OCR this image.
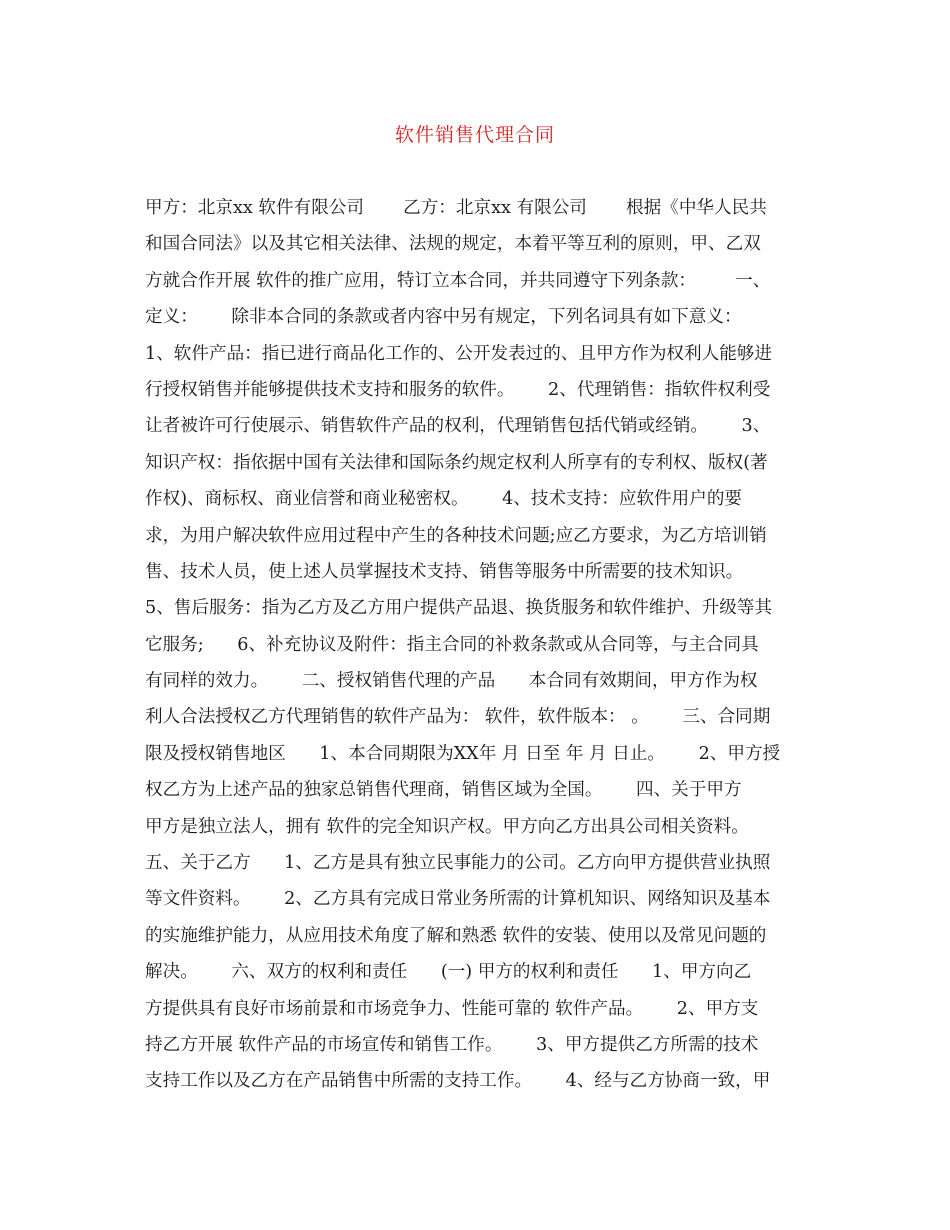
软件销售代理合同
甲方：北京xx 软件有限公司       乙方：北京xx 有限公司       根据《中华人民共
和国合同法》以及其它相关法律、法规的规定，本着平等互利的原则，甲、乙双
方就合作开展 软件的推广应用，特订立本合同，并共同遵守下列条款：       一、
定义：      除非本合同的条款或者内容中另有规定，下列名词具有如下意义：
1、软件产品：指已进行商品化工作的、公开发表过的、且甲方作为权利人能够进
行授权销售并能够提供技术支持和服务的软件。      2、代理销售：指软件权利受
让者被许可行使展示、销售软件产品的权利，代理销售包括代销或经销。      3、
知识产权：指依据中国有关法律和国际条约规定权利人所享有的专利权、版权(著
作权)、商标权、商业信誉和商业秘密权。      4、技术支持：应软件用户的要
求，为用户解决软件应用过程中产生的各种技术问题;应乙方要求，为乙方培训销
售、技术人员，使上述人员掌握技术支持、销售等服务中所需要的技术知识。
5、售后服务：指为乙方及乙方用户提供产品退、换货服务和软件维护、升级等其
它服务;      6、补充协议及附件：指主合同的补救条款或从合同等，与主合同具
有同样的效力。      二、授权销售代理的产品      本合同有效期间，甲方作为权
利人合法授权乙方代理销售的软件产品为： 软件，软件版本： 。      三、合同期
限及授权销售地区      1、本合同期限为XX年 月 日至 年 月 日止。      2、甲方授
权乙方为上述产品的独家总销售代理商，销售区域为全国。      四、关于甲方
甲方是独立法人，拥有 软件的完全知识产权。甲方向乙方出具公司相关资料。
五、关于乙方      1、乙方是具有独立民事能力的公司。乙方向甲方提供营业执照
等文件资料。      2、乙方具有完成日常业务所需的计算机知识、网络知识及基本
的实施维护能力，从应用技术角度了解和熟悉 软件的安装、使用以及常见问题的
解决。      六、双方的权利和责任      (一) 甲方的权利和责任      1、甲方向乙
方提供具有良好市场前景和市场竞争力、性能可靠的 软件产品。      2、甲方支
持乙方开展 软件产品的市场宣传和销售工作。      3、甲方提供乙方所需的技术
支持工作以及乙方在产品销售中所需的支持工作。      4、经与乙方协商一致，甲
